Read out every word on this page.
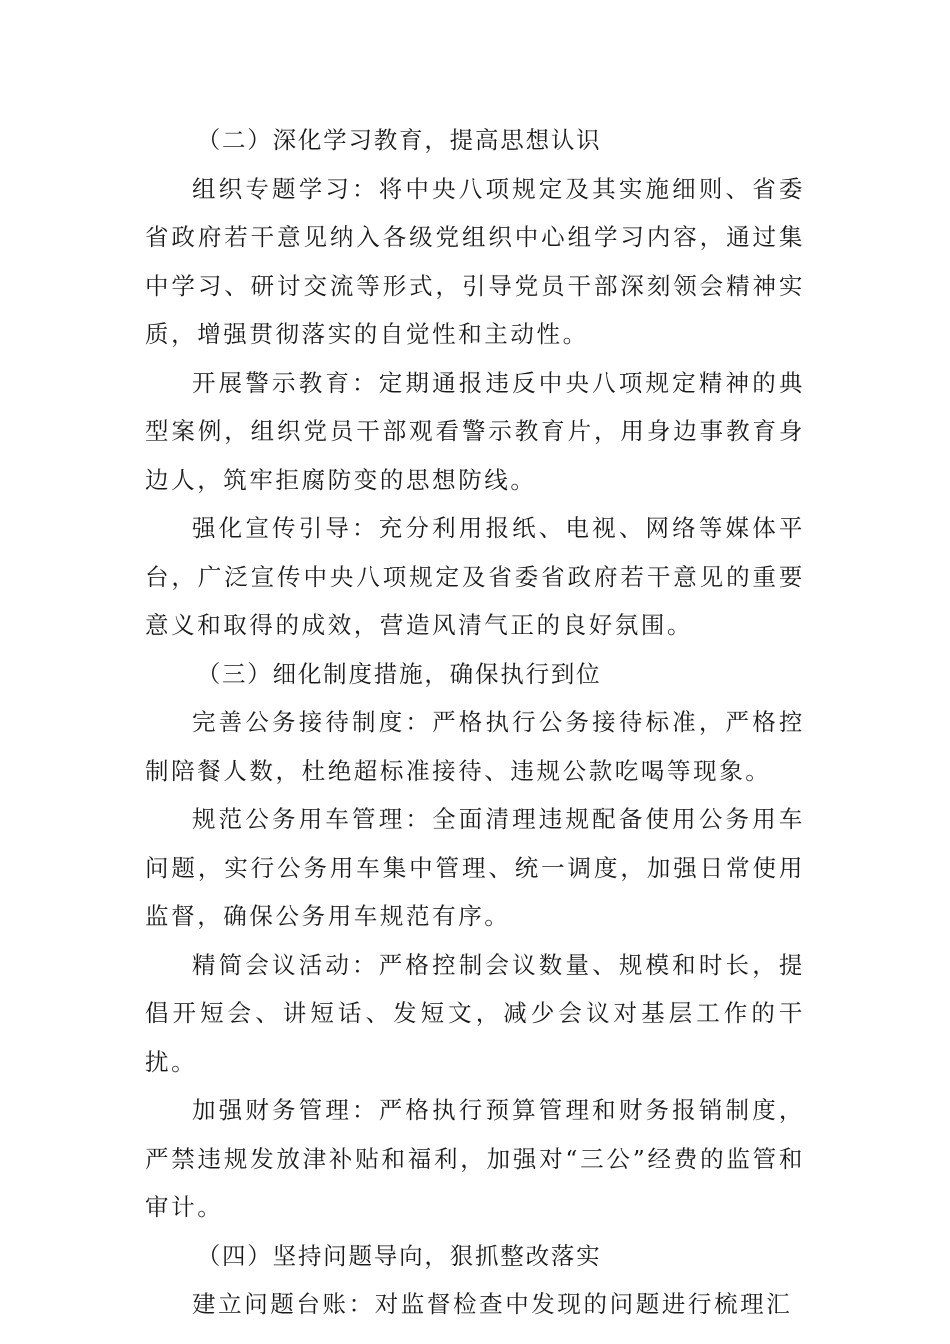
（二）深化学习教育，提高思想认识

组织专题学习：将中央八项规定及其实施细则、省委省政府若干意见纳入各级党组织中心组学习内容，通过集中学习、研讨交流等形式，引导党员干部深刻领会精神实质，增强贯彻落实的自觉性和主动性。

开展警示教育：定期通报违反中央八项规定精神的典型案例，组织党员干部观看警示教育片，用身边事教育身边人，筑牢拒腐防变的思想防线。

强化宣传引导：充分利用报纸、电视、网络等媒体平台，广泛宣传中央八项规定及省委省政府若干意见的重要意义和取得的成效，营造风清气正的良好氛围。

（三）细化制度措施，确保执行到位

完善公务接待制度：严格执行公务接待标准，严格控制陪餐人数，杜绝超标准接待、违规公款吃喝等现象。

规范公务用车管理：全面清理违规配备使用公务用车问题，实行公务用车集中管理、统一调度，加强日常使用监督，确保公务用车规范有序。

精简会议活动：严格控制会议数量、规模和时长，提倡开短会、讲短话、发短文，减少会议对基层工作的干扰。

加强财务管理：严格执行预算管理和财务报销制度，严禁违规发放津补贴和福利，加强对“三公”经费的监管和审计。

（四）坚持问题导向，狠抓整改落实

建立问题台账：对监督检查中发现的问题进行梳理汇
